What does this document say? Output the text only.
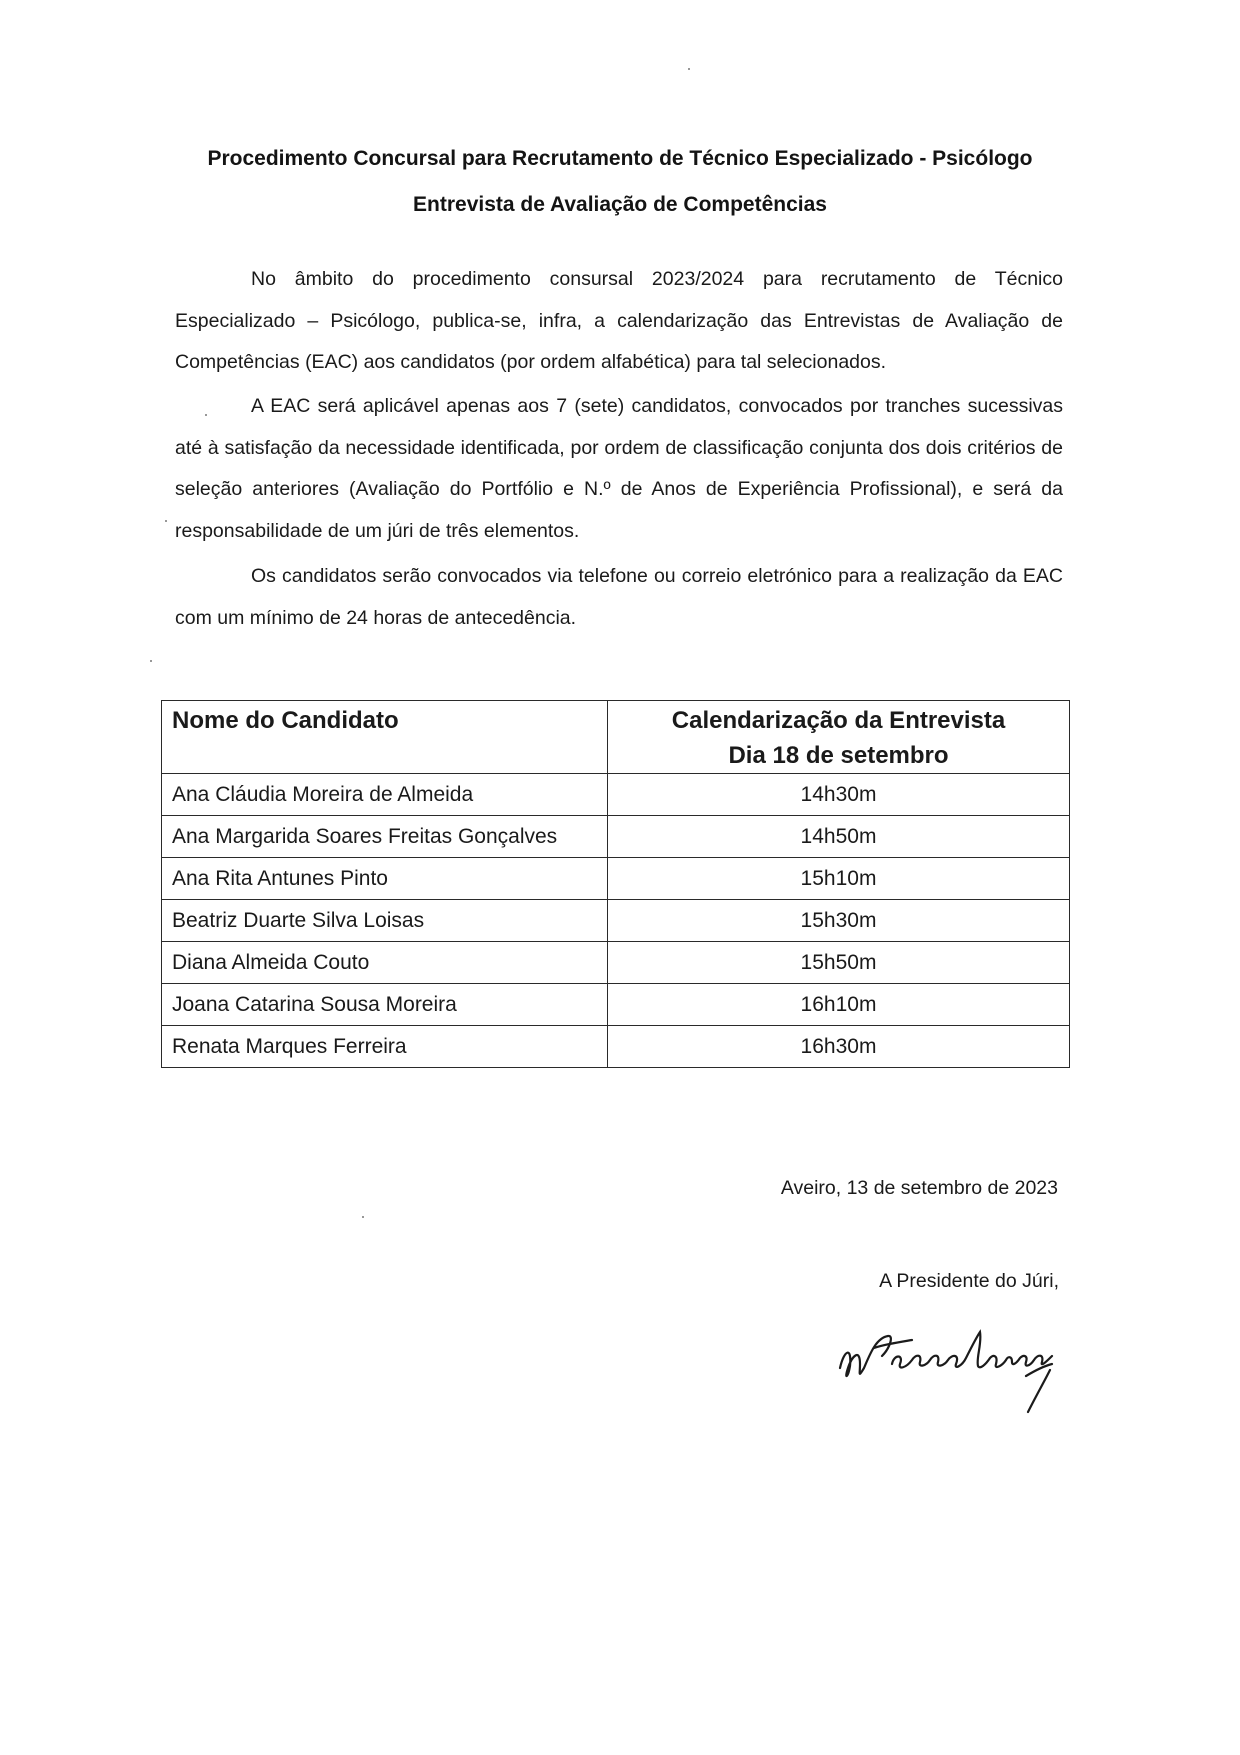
Procedimento Concursal para Recrutamento de Técnico Especializado - Psicólogo
Entrevista de Avaliação de Competências

No âmbito do procedimento consursal 2023/2024 para recrutamento de Técnico Especializado – Psicólogo, publica-se, infra, a calendarização das Entrevistas de Avaliação de Competências (EAC) aos candidatos (por ordem alfabética) para tal selecionados.

A EAC será aplicável apenas aos 7 (sete) candidatos, convocados por tranches sucessivas até à satisfação da necessidade identificada, por ordem de classificação conjunta dos dois critérios de seleção anteriores (Avaliação do Portfólio e N.º de Anos de Experiência Profissional), e será da responsabilidade de um júri de três elementos.

Os candidatos serão convocados via telefone ou correio eletrónico para a realização da EAC com um mínimo de 24 horas de antecedência.

Nome do Candidato	Calendarização da Entrevista
Dia 18 de setembro

Ana Cláudia Moreira de Almeida	14h30m
Ana Margarida Soares Freitas Gonçalves	14h50m
Ana Rita Antunes Pinto	15h10m
Beatriz Duarte Silva Loisas	15h30m
Diana Almeida Couto	15h50m
Joana Catarina Sousa Moreira	16h10m
Renata Marques Ferreira	16h30m
Aveiro, 13 de setembro de 2023
A Presidente do Júri,
